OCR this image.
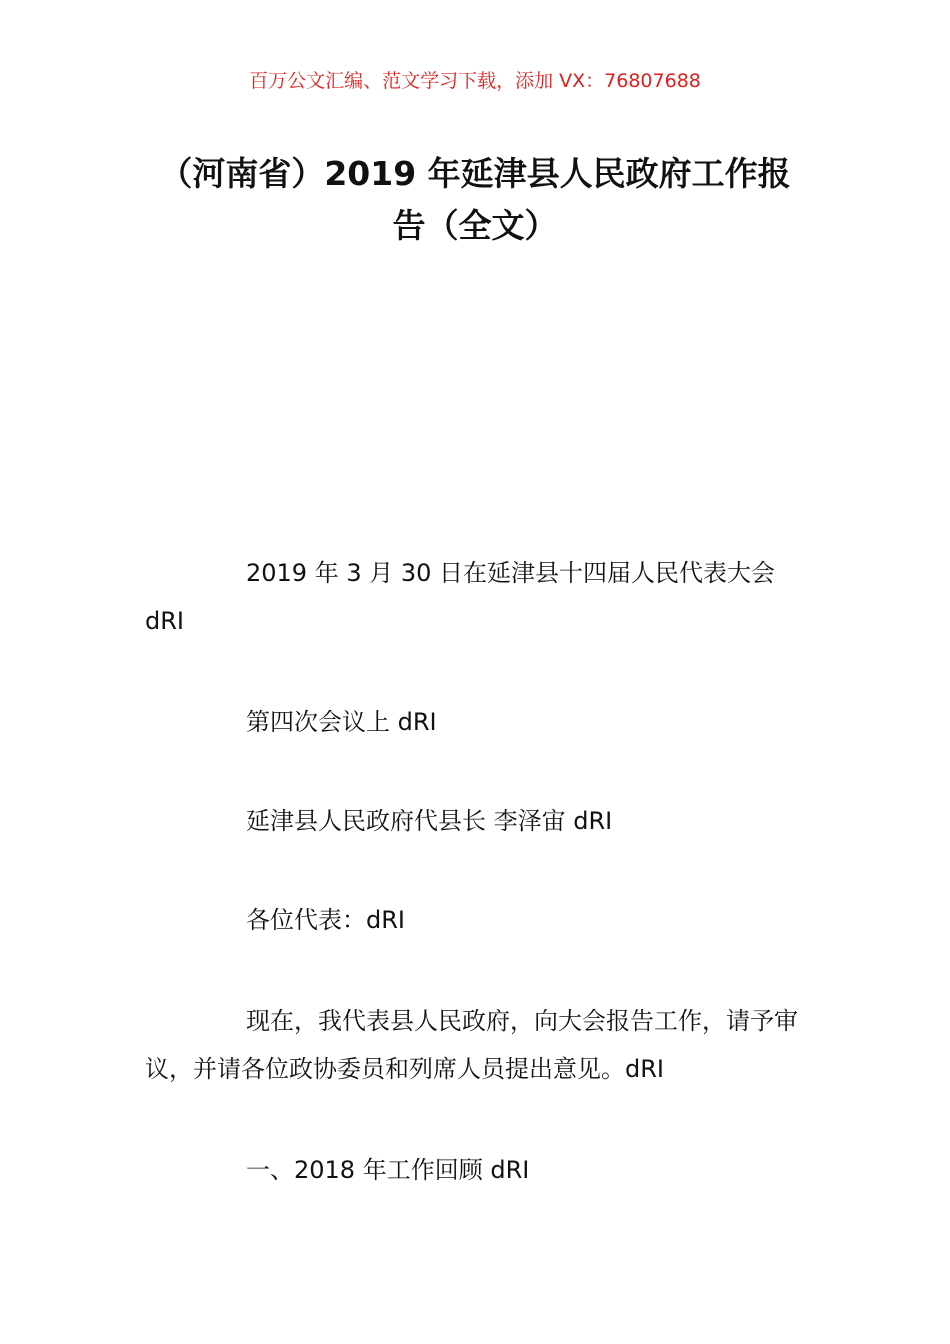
百万公文汇编、范文学习下载，添加 VX：76807688
（河南省）2019 年延津县人民政府工作报
告（全文）

2019 年 3 月 30 日在延津县十四届人民代表大会 dRI

第四次会议上 dRI

延津县人民政府代县长 李泽宙 dRI

各位代表：dRI

现在，我代表县人民政府，向大会报告工作，请予审议，并请各位政协委员和列席人员提出意见。dRI

一、2018 年工作回顾 dRI
